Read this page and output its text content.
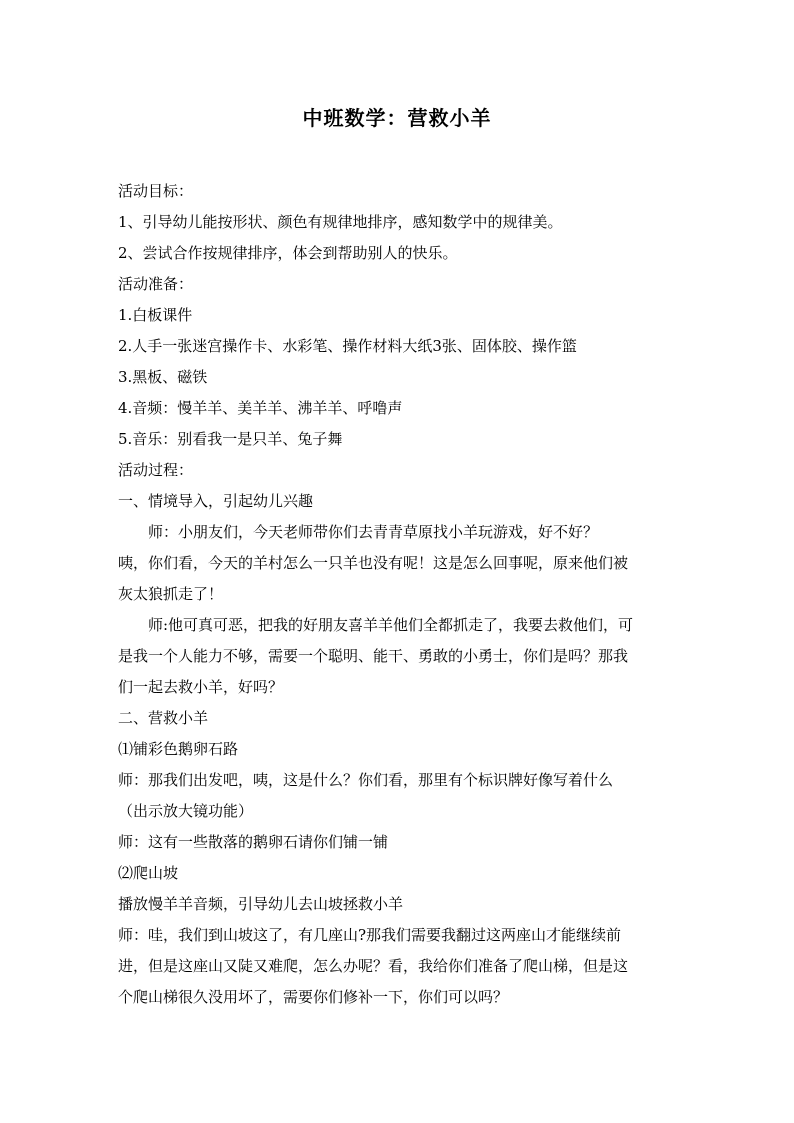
中班数学：营救小羊

活动目标：

1、引导幼儿能按形状、颜色有规律地排序，感知数学中的规律美。

2、尝试合作按规律排序，体会到帮助别人的快乐。

活动准备：

1.白板课件

2.人手一张迷宫操作卡、水彩笔、操作材料大纸3张、固体胶、操作篮

3.黑板、磁铁

4.音频：慢羊羊、美羊羊、沸羊羊、呼噜声

5.音乐：别看我一是只羊、兔子舞

活动过程：

一、情境导入，引起幼儿兴趣

师：小朋友们，今天老师带你们去青青草原找小羊玩游戏，好不好？

咦，你们看，今天的羊村怎么一只羊也没有呢！这是怎么回事呢，原来他们被

灰太狼抓走了！

师:他可真可恶，把我的好朋友喜羊羊他们全都抓走了，我要去救他们，可

是我一个人能力不够，需要一个聪明、能干、勇敢的小勇士，你们是吗？那我

们一起去救小羊，好吗？

二、营救小羊

⑴铺彩色鹅卵石路

师：那我们出发吧，咦，这是什么？你们看，那里有个标识牌好像写着什么

（出示放大镜功能）

师：这有一些散落的鹅卵石请你们铺一铺

⑵爬山坡

播放慢羊羊音频，引导幼儿去山坡拯救小羊

师：哇，我们到山坡这了，有几座山?那我们需要我翻过这两座山才能继续前

进，但是这座山又陡又难爬，怎么办呢？看，我给你们准备了爬山梯，但是这

个爬山梯很久没用坏了，需要你们修补一下，你们可以吗？
